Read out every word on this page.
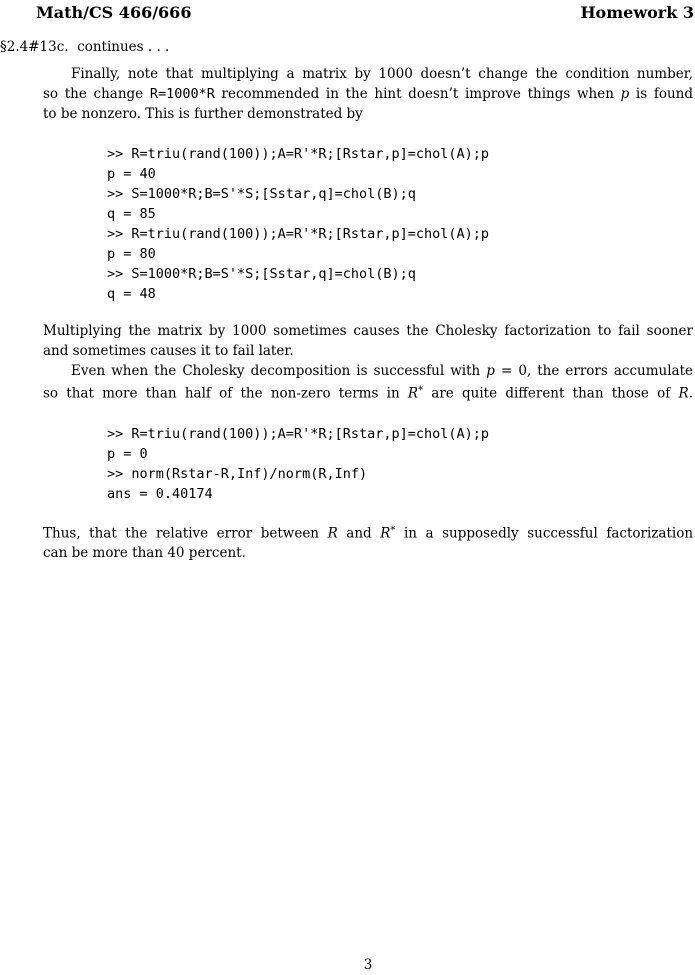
Math/CS 466/666	Homework 3
§2.4#13c.  continues . . .
Finally, note that multiplying a matrix by 1000 doesn’t change the condition number,
so the change R=1000*R recommended in the hint doesn’t improve things when p is found
to be nonzero. This is further demonstrated by
>> R=triu(rand(100));A=R'*R;[Rstar,p]=chol(A);p
p = 40
>> S=1000*R;B=S'*S;[Sstar,q]=chol(B);q
q = 85
>> R=triu(rand(100));A=R'*R;[Rstar,p]=chol(A);p
p = 80
>> S=1000*R;B=S'*S;[Sstar,q]=chol(B);q
q = 48
Multiplying the matrix by 1000 sometimes causes the Cholesky factorization to fail sooner
and sometimes causes it to fail later.
Even when the Cholesky decomposition is successful with p = 0, the errors accumulate
so that more than half of the non-zero terms in R* are quite different than those of R.
>> R=triu(rand(100));A=R'*R;[Rstar,p]=chol(A);p
p = 0
>> norm(Rstar-R,Inf)/norm(R,Inf)
ans = 0.40174
Thus, that the relative error between R and R* in a supposedly successful factorization
can be more than 40 percent.
3
